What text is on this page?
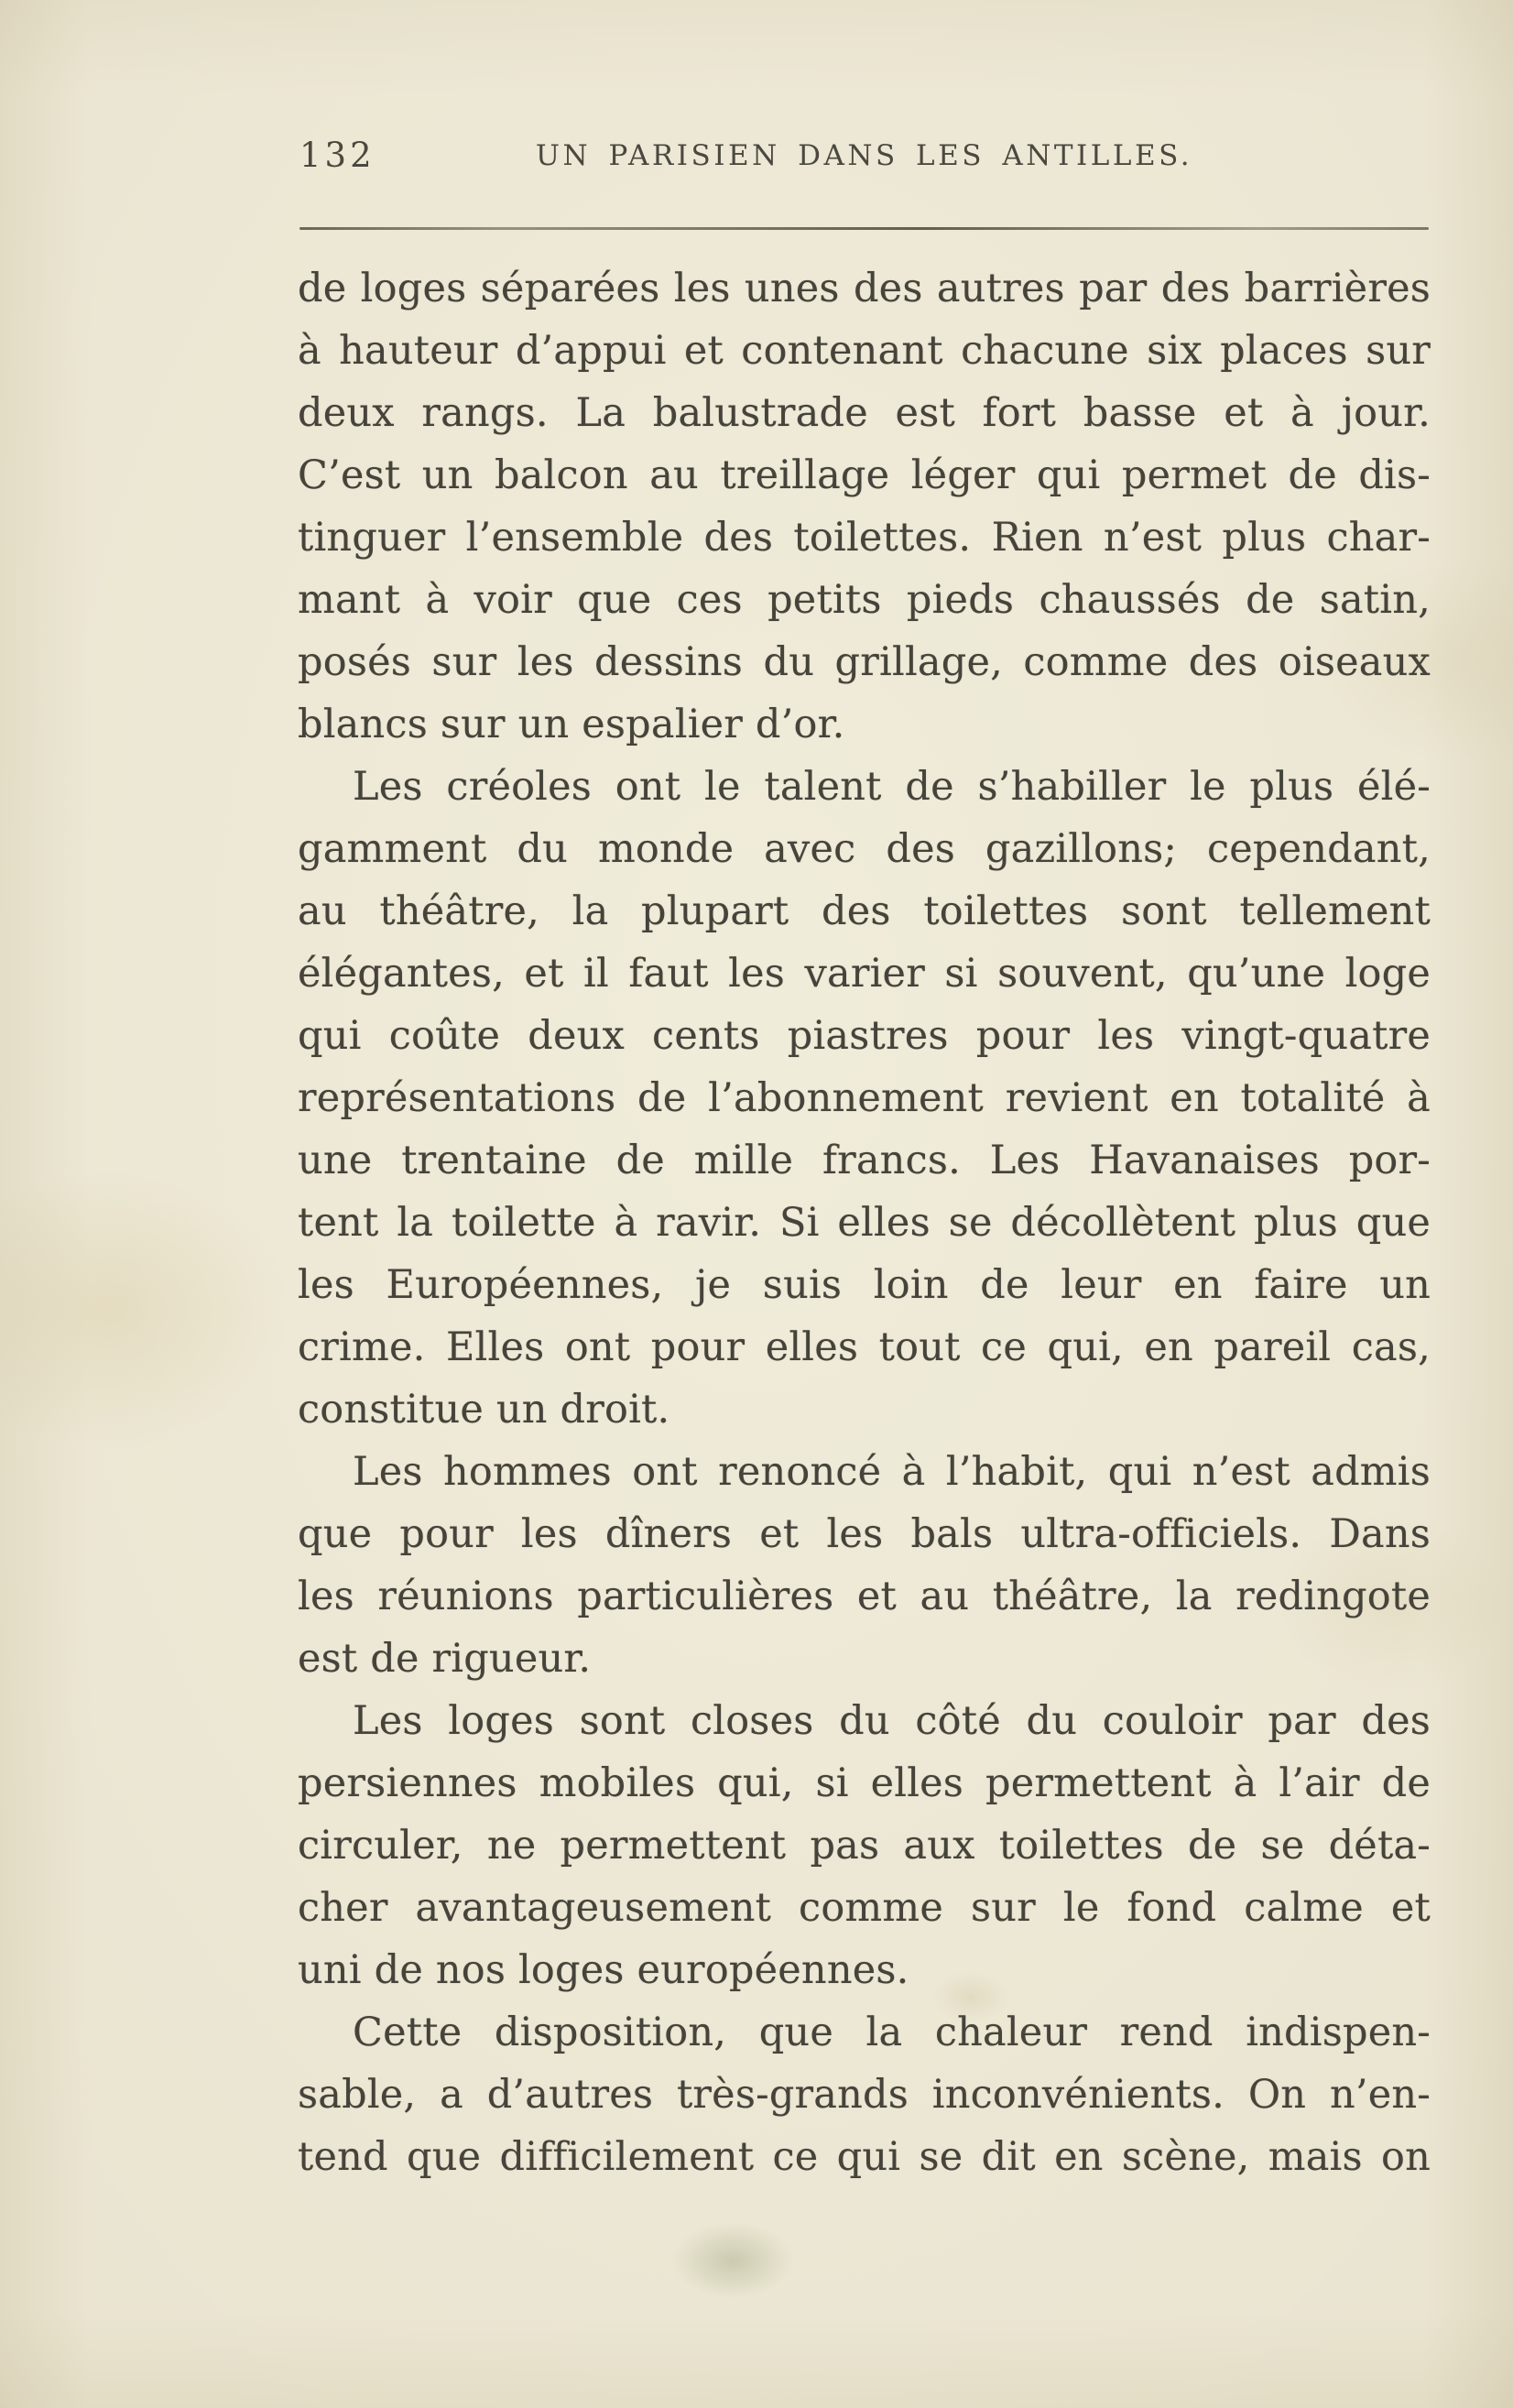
132	UN PARISIEN DANS LES ANTILLES.
de loges séparées les unes des autres par des barrières
à hauteur d’appui et contenant chacune six places sur
deux rangs. La balustrade est fort basse et à jour.
C’est un balcon au treillage léger qui permet de dis-
tinguer l’ensemble des toilettes. Rien n’est plus char-
mant à voir que ces petits pieds chaussés de satin,
posés sur les dessins du grillage, comme des oiseaux
blancs sur un espalier d’or.
Les créoles ont le talent de s’habiller le plus élé-
gamment du monde avec des gazillons; cependant,
au théâtre, la plupart des toilettes sont tellement
élégantes, et il faut les varier si souvent, qu’une loge
qui coûte deux cents piastres pour les vingt-quatre
représentations de l’abonnement revient en totalité à
une trentaine de mille francs. Les Havanaises por-
tent la toilette à ravir. Si elles se décollètent plus que
les Européennes, je suis loin de leur en faire un
crime. Elles ont pour elles tout ce qui, en pareil cas,
constitue un droit.
Les hommes ont renoncé à l’habit, qui n’est admis
que pour les dîners et les bals ultra-officiels. Dans
les réunions particulières et au théâtre, la redingote
est de rigueur.
Les loges sont closes du côté du couloir par des
persiennes mobiles qui, si elles permettent à l’air de
circuler, ne permettent pas aux toilettes de se déta-
cher avantageusement comme sur le fond calme et
uni de nos loges européennes.
Cette disposition, que la chaleur rend indispen-
sable, a d’autres très-grands inconvénients. On n’en-
tend que difficilement ce qui se dit en scène, mais on
